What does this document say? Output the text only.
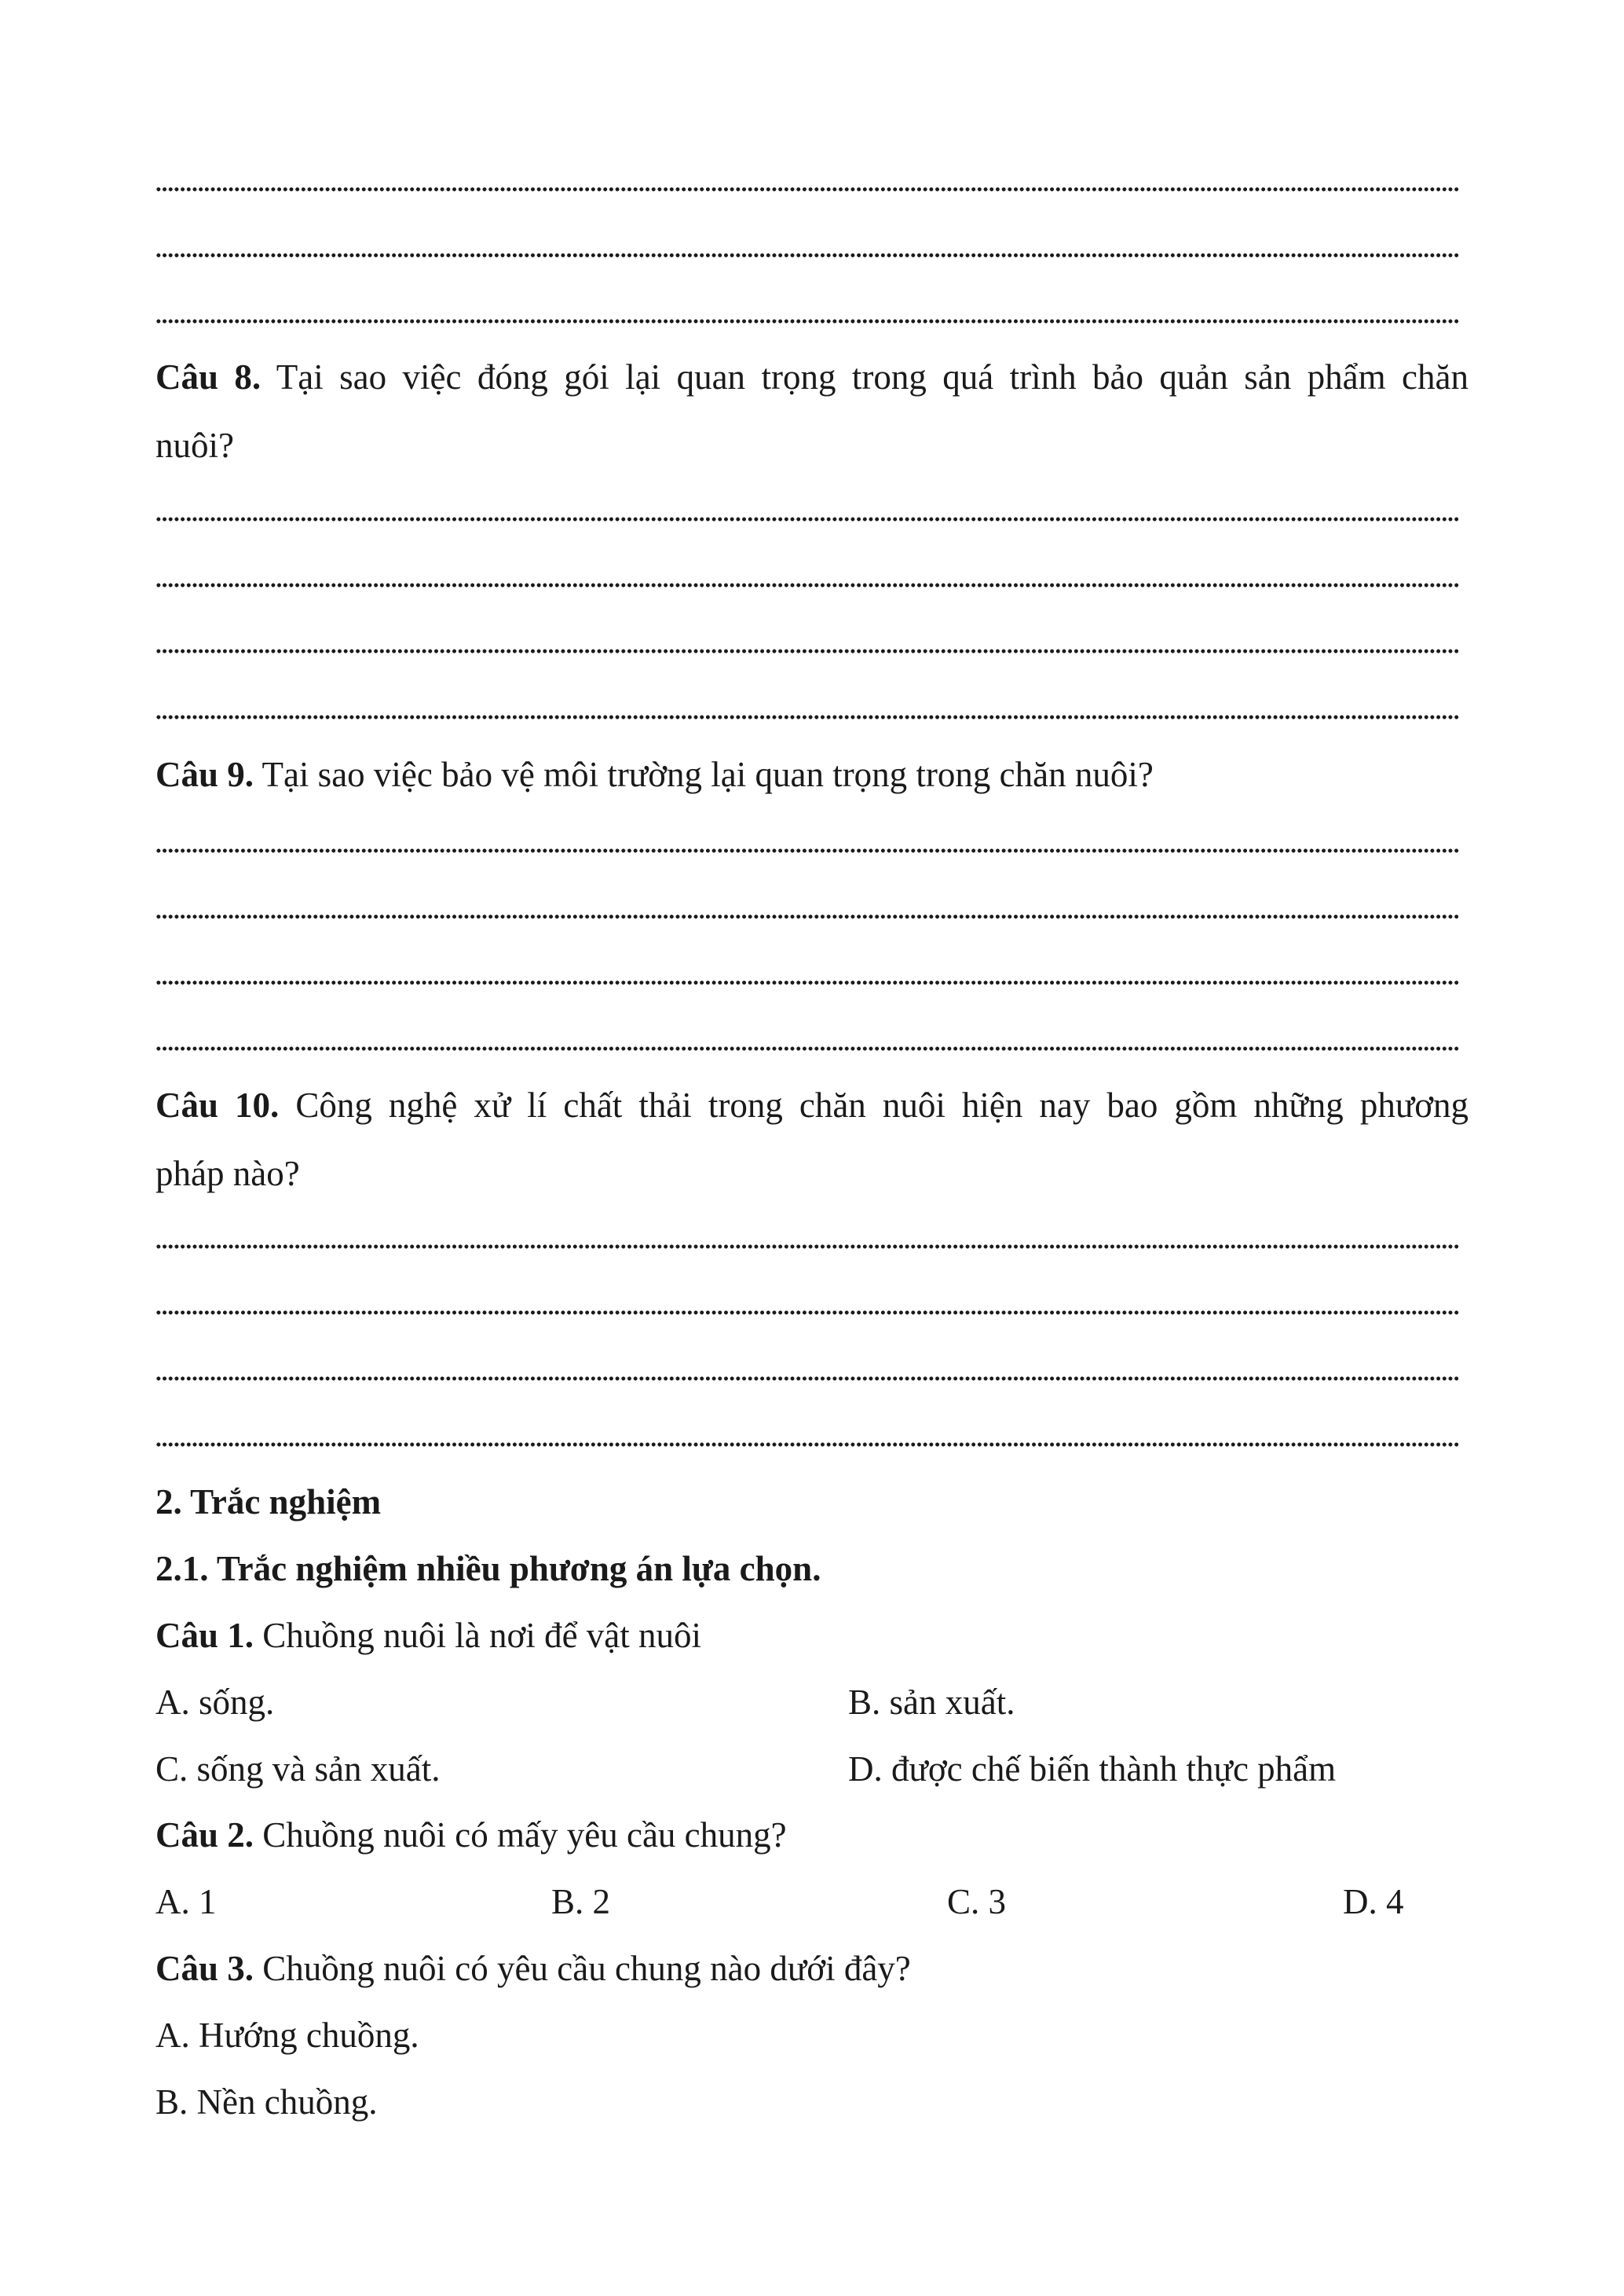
Câu 8. Tại sao việc đóng gói lại quan trọng trong quá trình bảo quản sản phẩm chăn
nuôi?
Câu 9. Tại sao việc bảo vệ môi trường lại quan trọng trong chăn nuôi?
Câu 10. Công nghệ xử lí chất thải trong chăn nuôi hiện nay bao gồm những phương
pháp nào?
2. Trắc nghiệm
2.1. Trắc nghiệm nhiều phương án lựa chọn.
Câu 1. Chuồng nuôi là nơi để vật nuôi
A. sống.	B. sản xuất.
C. sống và sản xuất.	D. được chế biến thành thực phẩm
Câu 2. Chuồng nuôi có mấy yêu cầu chung?
A. 1	B. 2	C. 3	D. 4
Câu 3. Chuồng nuôi có yêu cầu chung nào dưới đây?
A. Hướng chuồng.
B. Nền chuồng.
